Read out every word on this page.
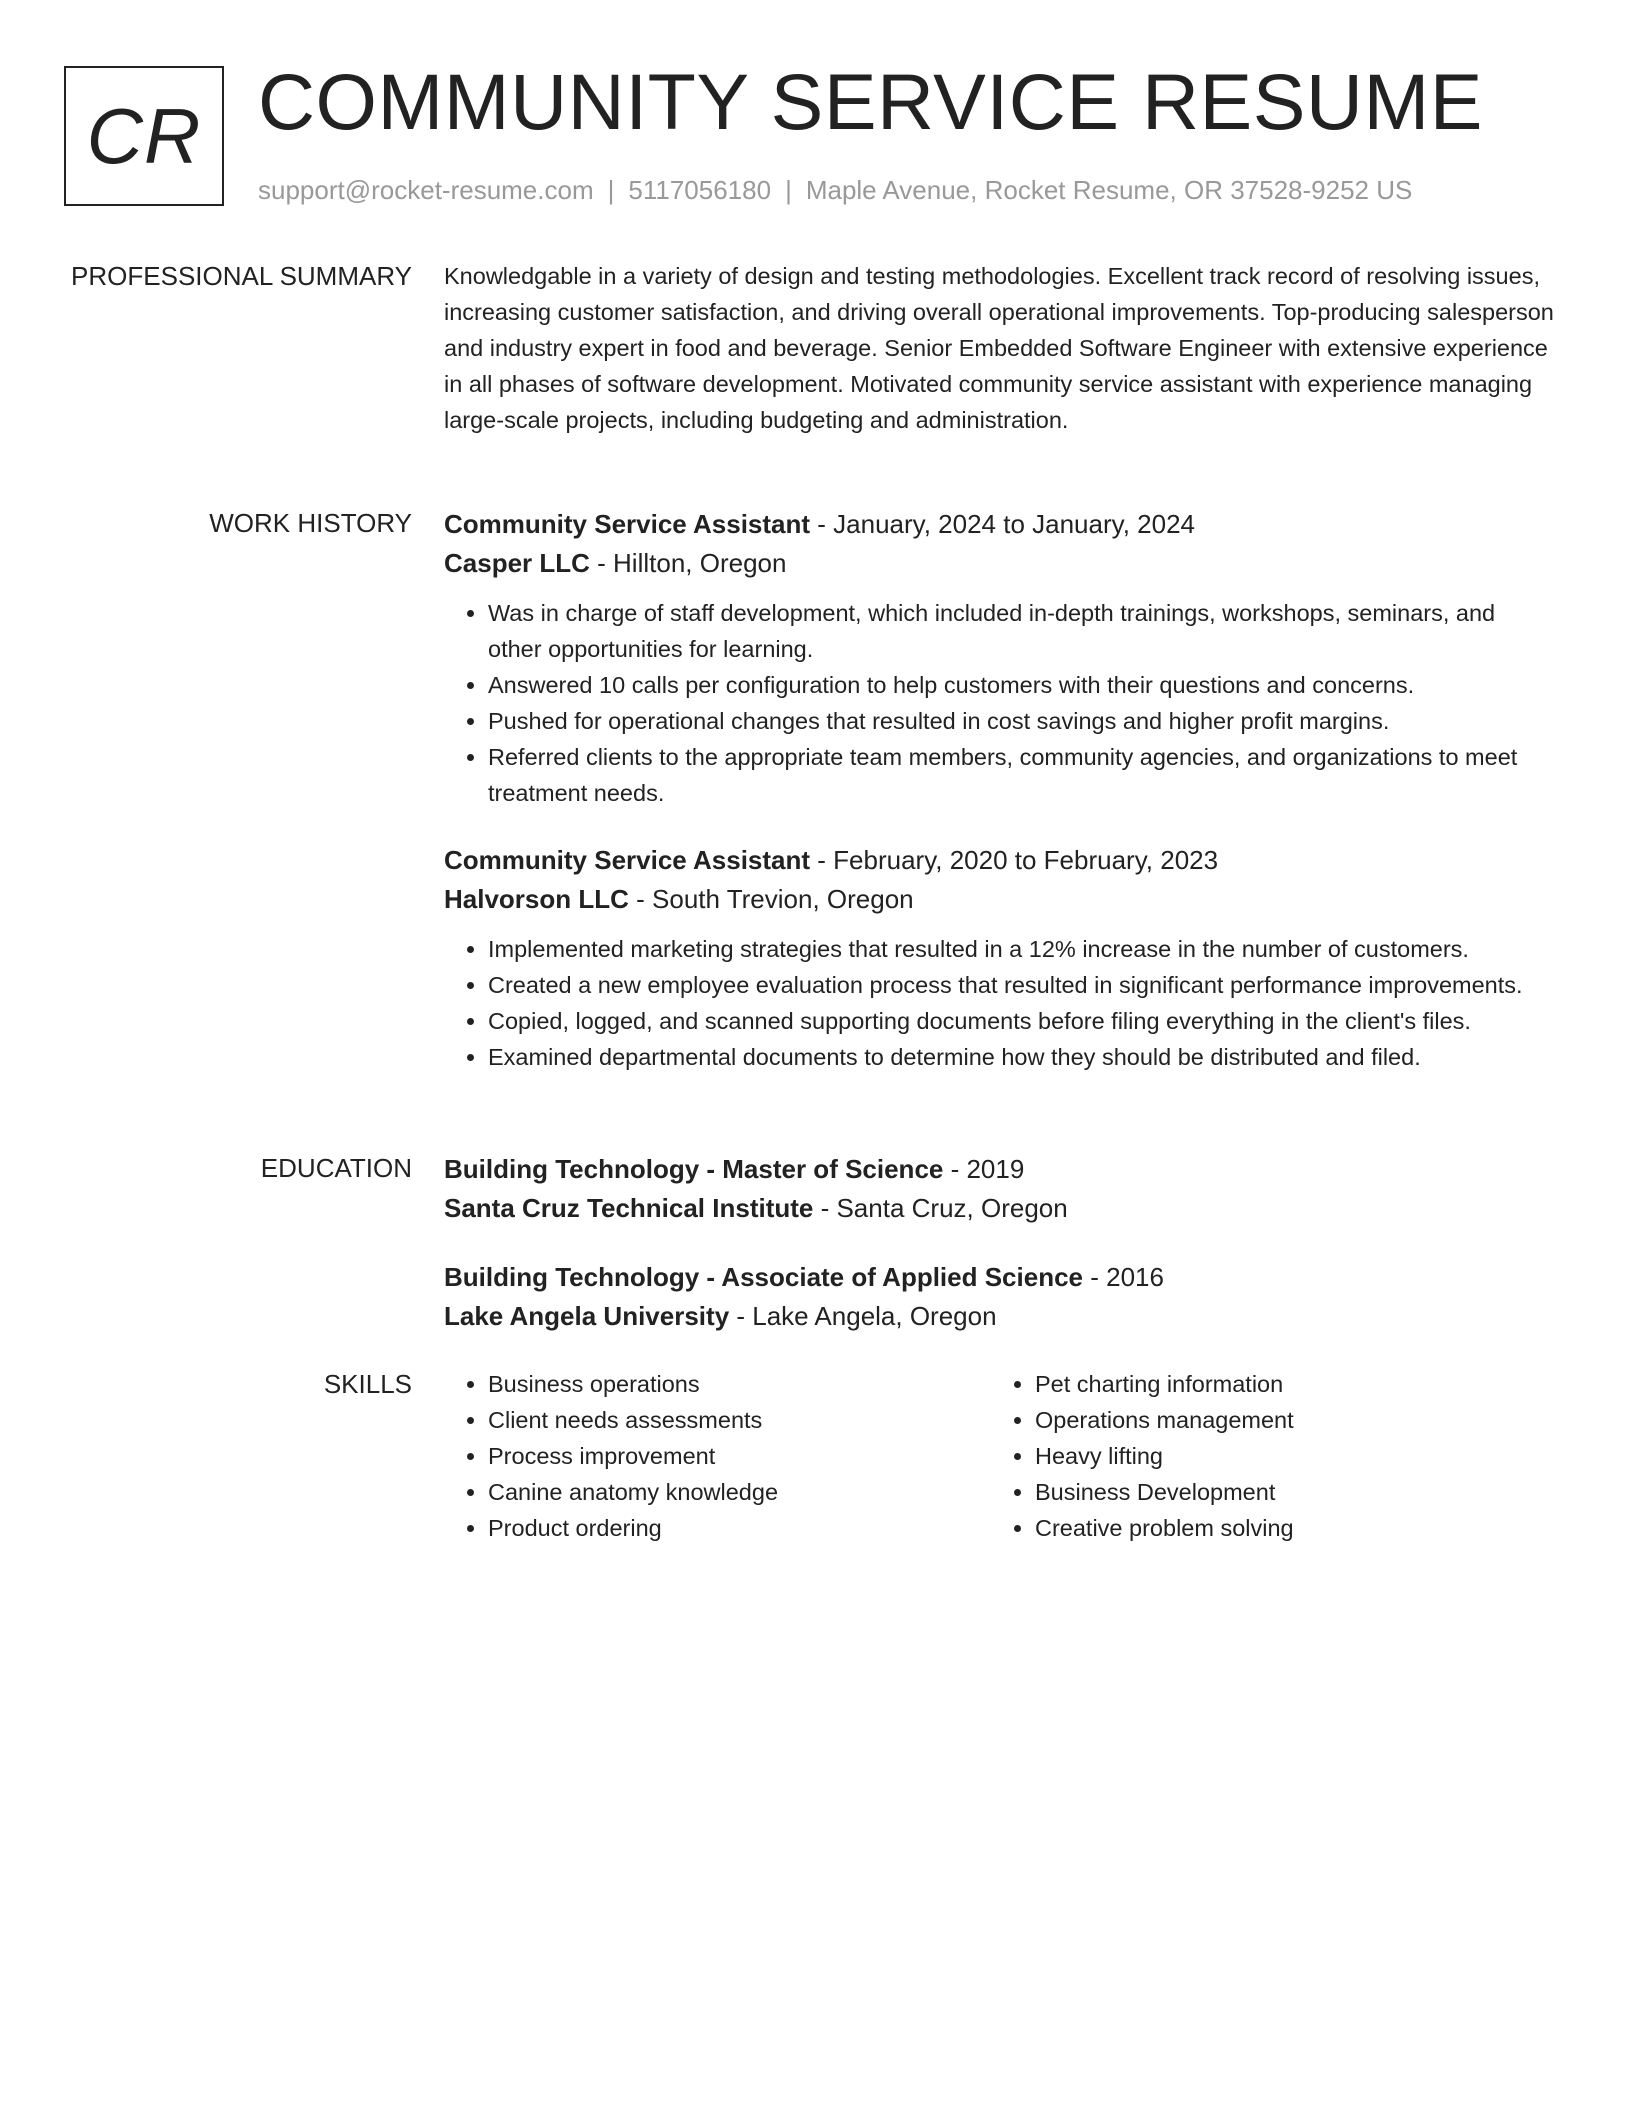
CR COMMUNITY SERVICE RESUME
support@rocket-resume.com | 5117056180 | Maple Avenue, Rocket Resume, OR 37528-9252 US
PROFESSIONAL SUMMARY Knowledgable in a variety of design and testing methodologies. Excellent track record of resolving issues, increasing customer satisfaction, and driving overall operational improvements. Top-producing salesperson and industry expert in food and beverage. Senior Embedded Software Engineer with extensive experience in all phases of software development. Motivated community service assistant with experience managing large-scale projects, including budgeting and administration.

WORK HISTORY Community Service Assistant - January, 2024 to January, 2024

Casper LLC - Hillton, Oregon

• Was in charge of staff development, which included in-depth trainings, workshops, seminars, and other opportunities for learning.
• Answered 10 calls per configuration to help customers with their questions and concerns.
• Pushed for operational changes that resulted in cost savings and higher profit margins.
• Referred clients to the appropriate team members, community agencies, and organizations to meet treatment needs.

Community Service Assistant - February, 2020 to February, 2023

Halvorson LLC - South Trevion, Oregon

• Implemented marketing strategies that resulted in a 12% increase in the number of customers.
• Created a new employee evaluation process that resulted in significant performance improvements.
• Copied, logged, and scanned supporting documents before filing everything in the client's files.
• Examined departmental documents to determine how they should be distributed and filed.
EDUCATION Building Technology - Master of Science - 2019

Santa Cruz Technical Institute - Santa Cruz, Oregon

Building Technology - Associate of Applied Science - 2016

Lake Angela University - Lake Angela, Oregon

SKILLS
•	Business operations
• Client needs assessments
• Process improvement
• Canine anatomy knowledge
• Product ordering
• Pet charting information
• Operations management
• Heavy lifting
• Business Development
• Creative problem solving
